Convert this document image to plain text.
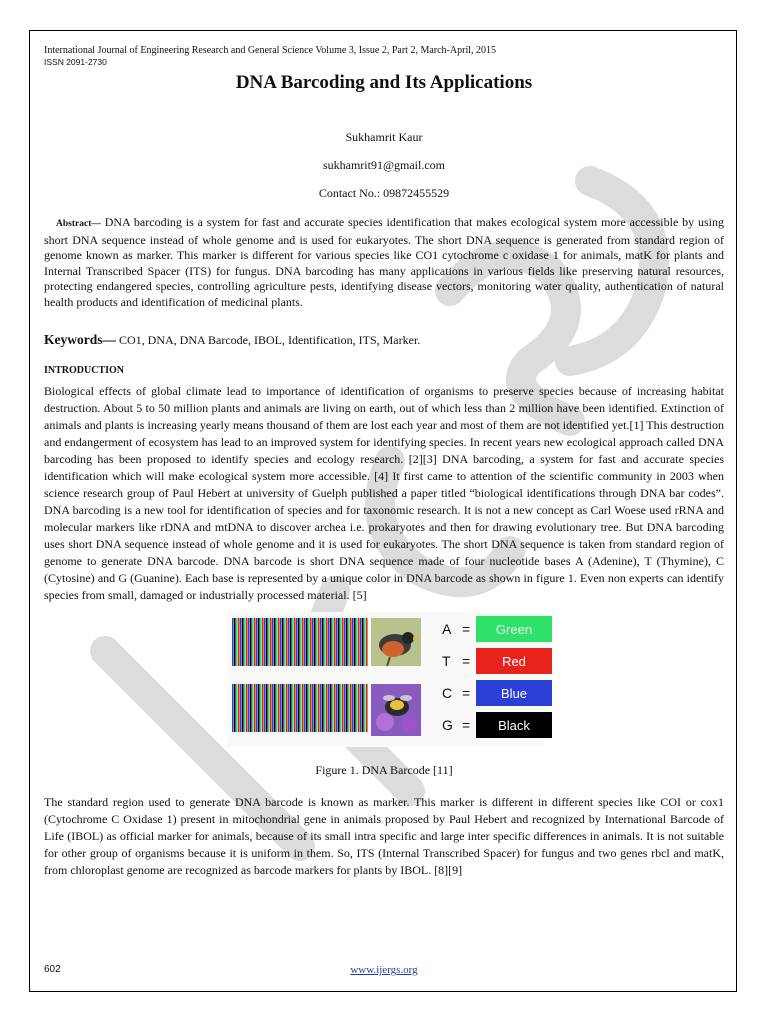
International Journal of Engineering Research and General Science Volume 3, Issue 2, Part 2, March-April, 2015
ISSN 2091-2730
DNA Barcoding and Its Applications
Sukhamrit Kaur
sukhamrit91@gmail.com
Contact No.: 09872455529
Abstract— DNA barcoding is a system for fast and accurate species identification that makes ecological system more accessible by using short DNA sequence instead of whole genome and is used for eukaryotes. The short DNA sequence is generated from standard region of genome known as marker. This marker is different for various species like CO1 cytochrome c oxidase 1 for animals, matK for plants and Internal Transcribed Spacer (ITS) for fungus. DNA barcoding has many applications in various fields like preserving natural resources, protecting endangered species, controlling agriculture pests, identifying disease vectors, monitoring water quality, authentication of natural health products and identification of medicinal plants.
Keywords— CO1, DNA, DNA Barcode, IBOL, Identification, ITS, Marker.
INTRODUCTION
Biological effects of global climate lead to importance of identification of organisms to preserve species because of increasing habitat destruction. About 5 to 50 million plants and animals are living on earth, out of which less than 2 million have been identified. Extinction of animals and plants is increasing yearly means thousand of them are lost each year and most of them are not identified yet.[1] This destruction and endangerment of ecosystem has lead to an improved system for identifying species. In recent years new ecological approach called DNA barcoding has been proposed to identify species and ecology research. [2][3] DNA barcoding, a system for fast and accurate species identification which will make ecological system more accessible. [4] It first came to attention of the scientific community in 2003 when science research group of Paul Hebert at university of Guelph published a paper titled “biological identifications through DNA bar codes”. DNA barcoding is a new tool for identification of species and for taxonomic research. It is not a new concept as Carl Woese used rRNA and molecular markers like rDNA and mtDNA to discover archea i.e. prokaryotes and then for drawing evolutionary tree. But DNA barcoding uses short DNA sequence instead of whole genome and it is used for eukaryotes. The short DNA sequence is taken from standard region of genome to generate DNA barcode. DNA barcode is short DNA sequence made of four nucleotide bases A (Adenine), T (Thymine), C (Cytosine) and G (Guanine). Each base is represented by a unique color in DNA barcode as shown in figure 1. Even non experts can identify species from small, damaged or industrially processed material. [5]
A =	Green
T =	Red
C =	Blue
G =	Black
Figure 1. DNA Barcode [11]
The standard region used to generate DNA barcode is known as marker. This marker is different in different species like COI or cox1 (Cytochrome C Oxidase 1) present in mitochondrial gene in animals proposed by Paul Hebert and recognized by International Barcode of Life (IBOL) as official marker for animals, because of its small intra specific and large inter specific differences in animals. It is not suitable for other group of organisms because it is uniform in them. So, ITS (Internal Transcribed Spacer) for fungus and two genes rbcl and matK, from chloroplast genome are recognized as barcode markers for plants by IBOL. [8][9]
602	www.ijergs.org
